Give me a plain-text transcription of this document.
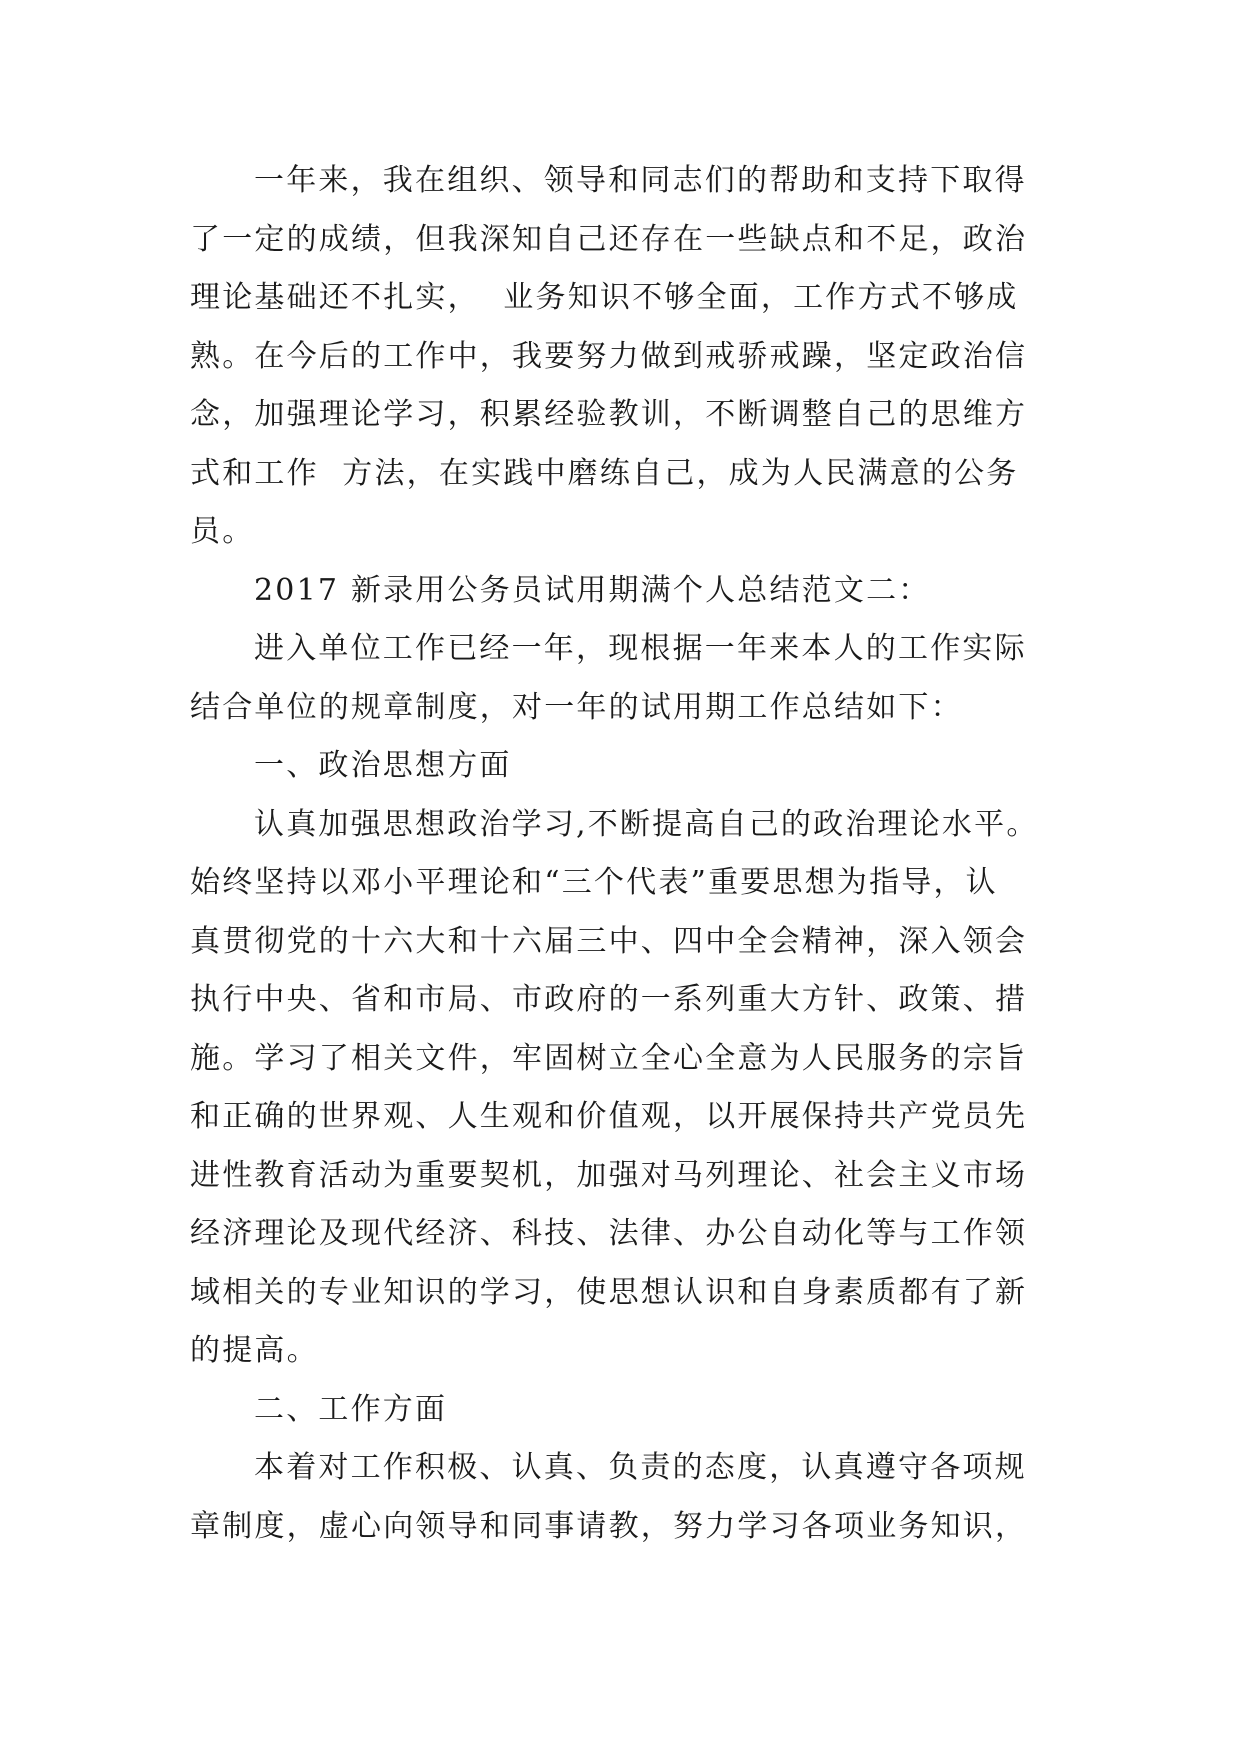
一年来，我在组织、领导和同志们的帮助和支持下取得
了一定的成绩，但我深知自己还存在一些缺点和不足，政治
理论基础还不扎实，  业务知识不够全面，工作方式不够成
熟。在今后的工作中，我要努力做到戒骄戒躁，坚定政治信
念，加强理论学习，积累经验教训，不断调整自己的思维方
式和工作  方法，在实践中磨练自己，成为人民满意的公务
员。
2017 新录用公务员试用期满个人总结范文二：
进入单位工作已经一年，现根据一年来本人的工作实际
结合单位的规章制度，对一年的试用期工作总结如下：
一、政治思想方面
认真加强思想政治学习,不断提高自己的政治理论水平。
始终坚持以邓小平理论和“三个代表”重要思想为指导，认
真贯彻党的十六大和十六届三中、四中全会精神，深入领会
执行中央、省和市局、市政府的一系列重大方针、政策、措
施。学习了相关文件，牢固树立全心全意为人民服务的宗旨
和正确的世界观、人生观和价值观，以开展保持共产党员先
进性教育活动为重要契机，加强对马列理论、社会主义市场
经济理论及现代经济、科技、法律、办公自动化等与工作领
域相关的专业知识的学习，使思想认识和自身素质都有了新
的提高。
二、工作方面
本着对工作积极、认真、负责的态度，认真遵守各项规
章制度，虚心向领导和同事请教，努力学习各项业务知识，
